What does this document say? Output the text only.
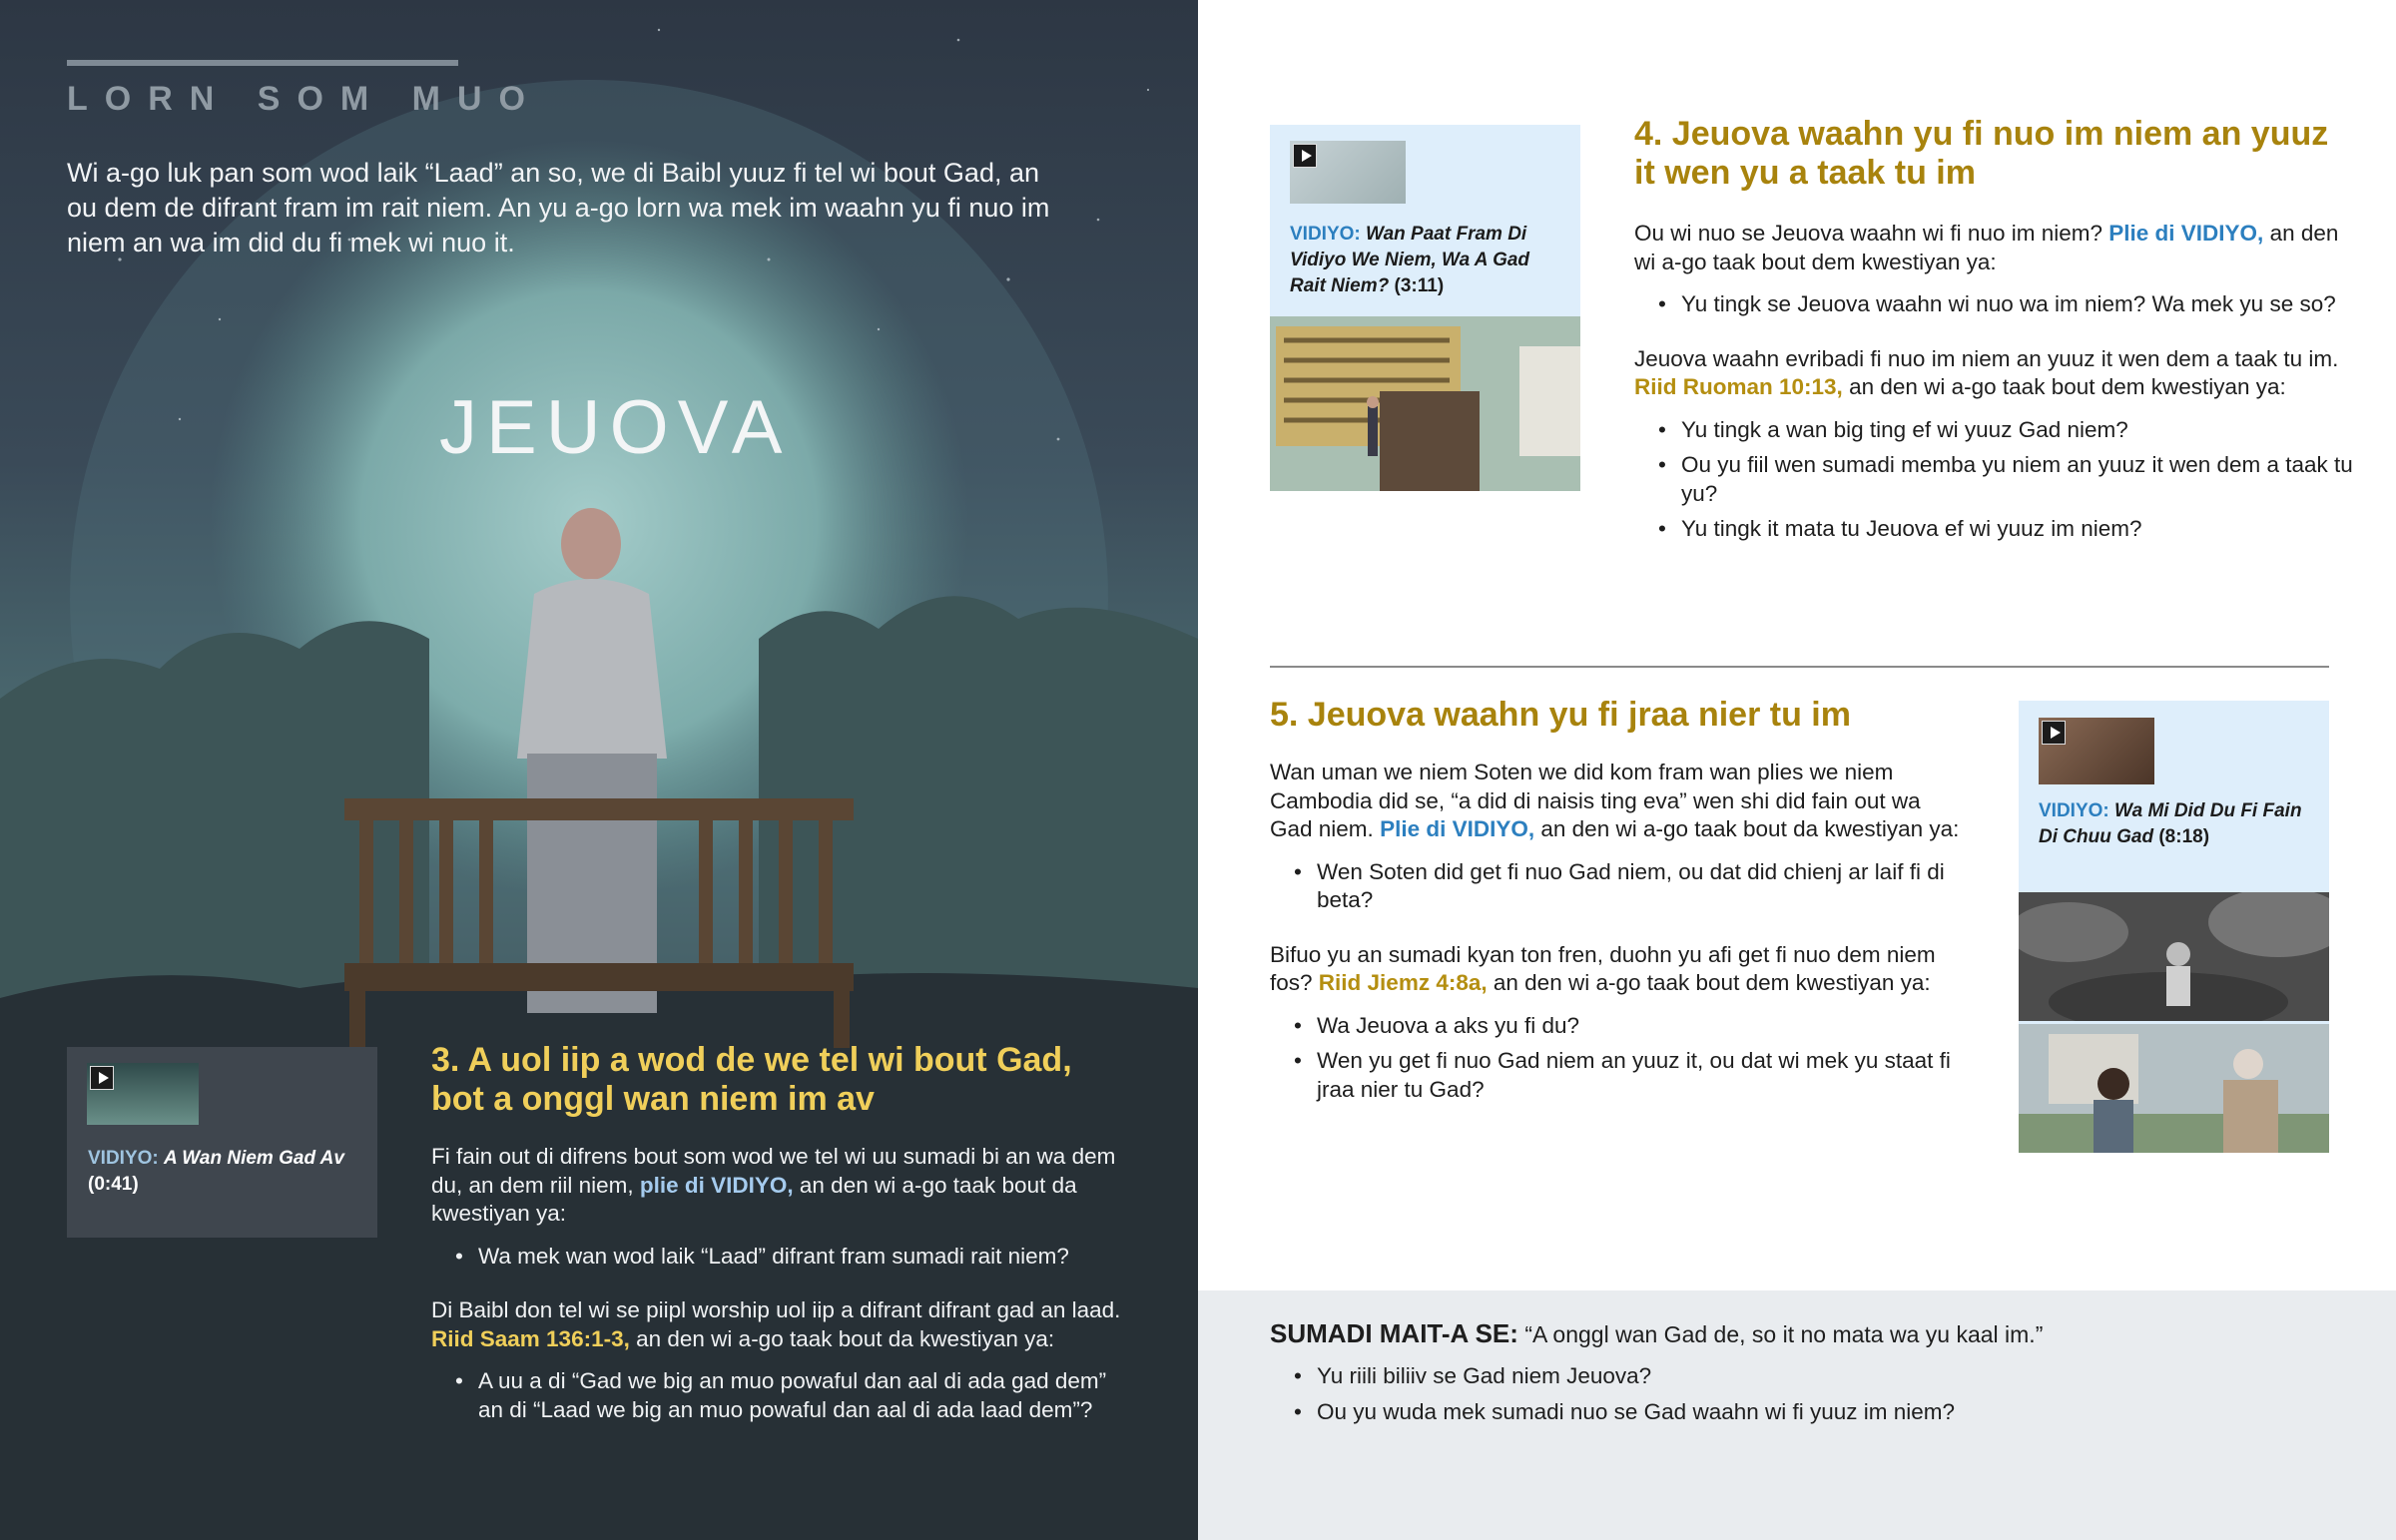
LORN SOM MUO
Wi a-go luk pan som wod laik “Laad” an so, we di Baibl yuuz fi tel wi bout Gad, an ou dem de difrant fram im rait niem. An yu a-go lorn wa mek im waahn yu fi nuo im niem an wa im did du fi mek wi nuo it.
JEUOVA
VIDIYO: A Wan Niem Gad Av
(0:41)
3. A uol iip a wod de we tel wi bout Gad, bot a onggl wan niem im av

Fi fain out di difrens bout som wod we tel wi uu sumadi bi an wa dem du, an dem riil niem, plie di VIDIYO, an den wi a-go taak bout da kwestiyan ya:

• Wa mek wan wod laik “Laad” difrant fram sumadi rait niem?

Di Baibl don tel wi se piipl worship uol iip a difrant difrant gad an laad. Riid Saam 136:1-3, an den wi a-go taak bout da kwestiyan ya:

• A uu a di “Gad we big an muo powaful dan aal di ada gad dem” an di “Laad we big an muo powaful dan aal di ada laad dem”?
VIDIYO: Wan Paat Fram Di Vidiyo We Niem, Wa A Gad Rait Niem? (3:11)
4. Jeuova waahn yu fi nuo im niem an yuuz it wen yu a taak tu im

Ou wi nuo se Jeuova waahn wi fi nuo im niem? Plie di VIDIYO, an den wi a-go taak bout dem kwestiyan ya:

• Yu tingk se Jeuova waahn wi nuo wa im niem? Wa mek yu se so?

Jeuova waahn evribadi fi nuo im niem an yuuz it wen dem a taak tu im. Riid Ruoman 10:13, an den wi a-go taak bout dem kwestiyan ya:

• Yu tingk a wan big ting ef wi yuuz Gad niem?
• Ou yu fiil wen sumadi memba yu niem an yuuz it wen dem a taak tu yu?
• Yu tingk it mata tu Jeuova ef wi yuuz im niem?
5. Jeuova waahn yu fi jraa nier tu im

Wan uman we niem Soten we did kom fram wan plies we niem Cambodia did se, “a did di naisis ting eva” wen shi did fain out wa Gad niem. Plie di VIDIYO, an den wi a-go taak bout da kwestiyan ya:

• Wen Soten did get fi nuo Gad niem, ou dat did chienj ar laif fi di beta?

Bifuo yu an sumadi kyan ton fren, duohn yu afi get fi nuo dem niem fos? Riid Jiemz 4:8a, an den wi a-go taak bout dem kwestiyan ya:

• Wa Jeuova a aks yu fi du?
• Wen yu get fi nuo Gad niem an yuuz it, ou dat wi mek yu staat fi jraa nier tu Gad?
VIDIYO: Wa Mi Did Du Fi Fain Di Chuu Gad (8:18)
SUMADI MAIT-A SE: “A onggl wan Gad de, so it no mata wa yu kaal im.”
• Yu riili biliiv se Gad niem Jeuova?
• Ou yu wuda mek sumadi nuo se Gad waahn wi fi yuuz im niem?
